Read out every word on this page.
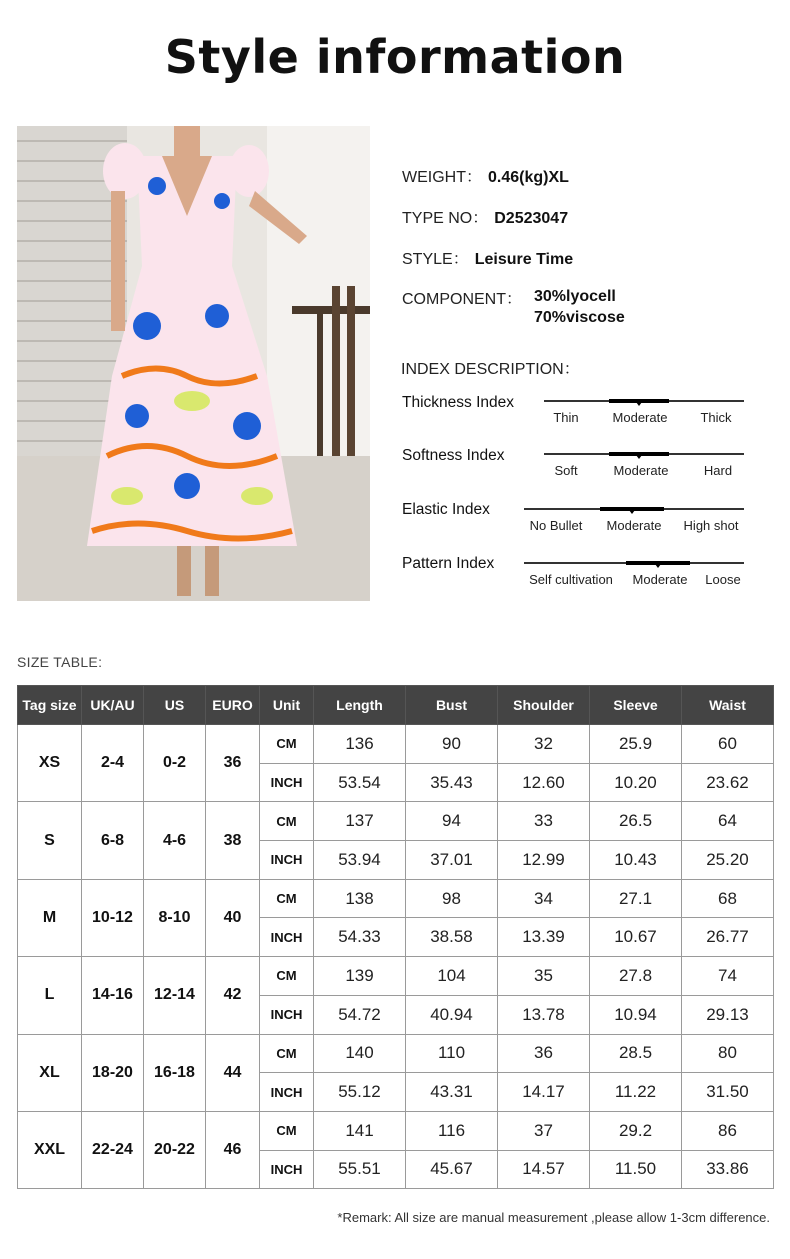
Style information
WEIGHT： 0.46(kg)XL
TYPE NO： D2523047
STYLE： Leisure Time
COMPONENT： 30%lyocell
70%viscose
INDEX DESCRIPTION：
Thickness Index
Thin	Moderate	Thick
Softness Index
Soft	Moderate	Hard
Elastic Index
No Bullet Moderate High shot
Pattern Index
Self cultivation Moderate Loose
SIZE TABLE:
Tag size	UK/AU	US	EURO	Unit	Length	Bust	Shoulder	Sleeve	Waist
XS	2-4	0-2	36	CM	136	90	32	25.9	60
				INCH	53.54	35.43	12.60	10.20	23.62
S	6-8	4-6	38	CM	137	94	33	26.5	64
				INCH	53.94	37.01	12.99	10.43	25.20
M	10-12	8-10	40	CM	138	98	34	27.1	68
				INCH	54.33	38.58	13.39	10.67	26.77
L	14-16	12-14	42	CM	139	104	35	27.8	74
				INCH	54.72	40.94	13.78	10.94	29.13
XL	18-20	16-18	44	CM	140	110	36	28.5	80
				INCH	55.12	43.31	14.17	11.22	31.50
XXL	22-24	20-22	46	CM	141	116	37	29.2	86
				INCH	55.51	45.67	14.57	11.50	33.86
*Remark: All size are manual measurement ,please allow 1-3cm difference.
